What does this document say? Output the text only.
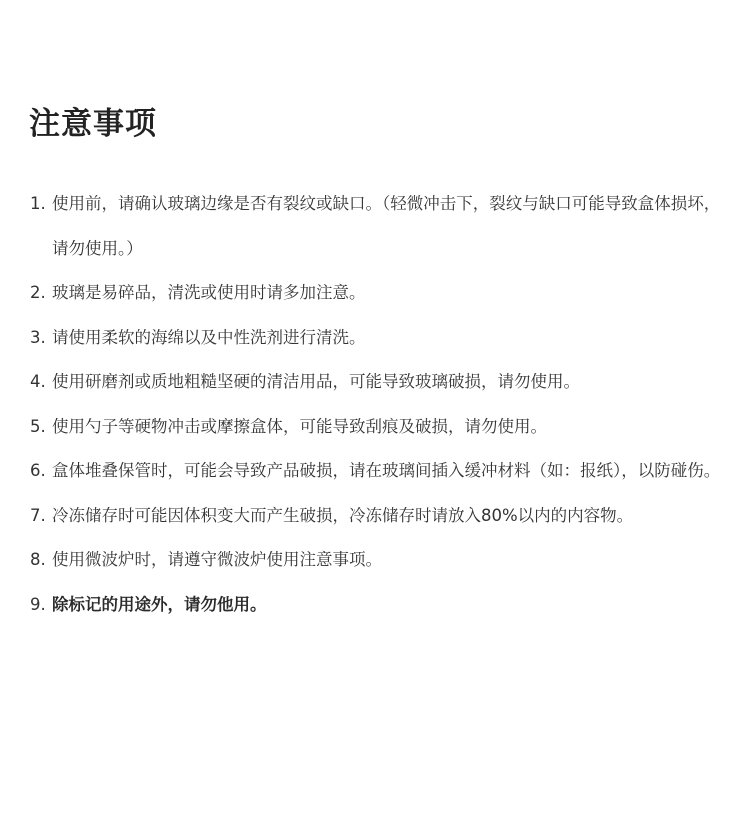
注意事项
1. 使用前，请确认玻璃边缘是否有裂纹或缺口。（轻微冲击下，裂纹与缺口可能导致盒体损坏，请勿使用。）
2. 玻璃是易碎品，清洗或使用时请多加注意。
3. 请使用柔软的海绵以及中性洗剂进行清洗。
4. 使用研磨剂或质地粗糙坚硬的清洁用品，可能导致玻璃破损，请勿使用。
5. 使用勺子等硬物冲击或摩擦盒体，可能导致刮痕及破损，请勿使用。
6. 盒体堆叠保管时，可能会导致产品破损，请在玻璃间插入缓冲材料（如：报纸），以防碰伤。
7. 冷冻储存时可能因体积变大而产生破损，冷冻储存时请放入80%以内的内容物。
8. 使用微波炉时，请遵守微波炉使用注意事项。
9. 除标记的用途外，请勿他用。
